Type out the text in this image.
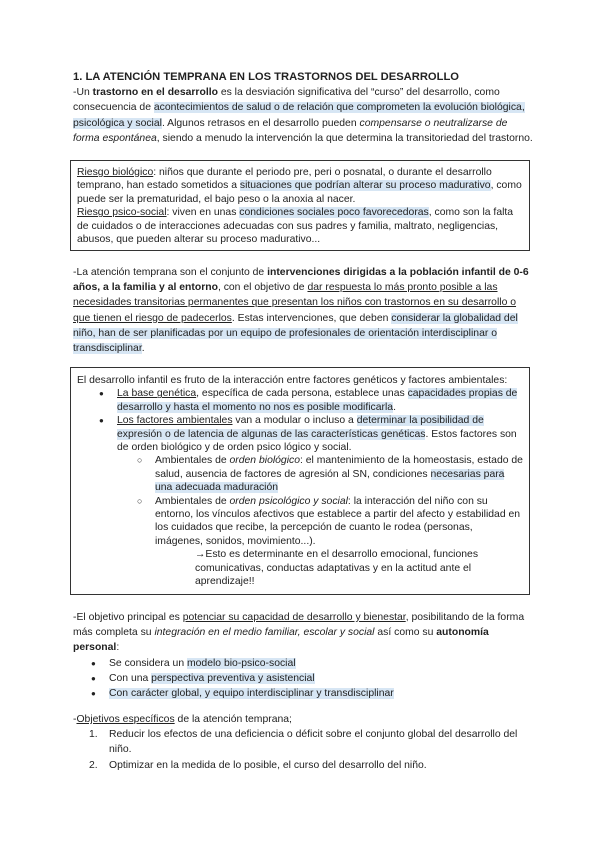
1. LA ATENCIÓN TEMPRANA EN LOS TRASTORNOS DEL DESARROLLO
-Un trastorno en el desarrollo es la desviación significativa del “curso” del desarrollo, como consecuencia de acontecimientos de salud o de relación que comprometen la evolución biológica, psicológica y social. Algunos retrasos en el desarrollo pueden compensarse o neutralizarse de forma espontánea, siendo a menudo la intervención la que determina la transitoriedad del trastorno.
Riesgo biológico: niños que durante el periodo pre, peri o posnatal, o durante el desarrollo temprano, han estado sometidos a situaciones que podrían alterar su proceso madurativo, como puede ser la prematuridad, el bajo peso o la anoxia al nacer.
Riesgo psico-social: viven en unas condiciones sociales poco favorecedoras, como son la falta de cuidados o de interacciones adecuadas con sus padres y familia, maltrato, negligencias, abusos, que pueden alterar su proceso madurativo...
-La atención temprana son el conjunto de intervenciones dirigidas a la población infantil de 0-6 años, a la familia y al entorno, con el objetivo de dar respuesta lo más pronto posible a las necesidades transitorias permanentes que presentan los niños con trastornos en su desarrollo o que tienen el riesgo de padecerlos. Estas intervenciones, que deben considerar la globalidad del niño, han de ser planificadas por un equipo de profesionales de orientación interdisciplinar o transdisciplinar.
El desarrollo infantil es fruto de la interacción entre factores genéticos y factores ambientales:
● La base genética, específica de cada persona, establece unas capacidades propias de desarrollo y hasta el momento no nos es posible modificarla.
● Los factores ambientales van a modular o incluso a determinar la posibilidad de expresión o de latencia de algunas de las características genéticas. Estos factores son de orden biológico y de orden psico lógico y social.
○ Ambientales de orden biológico: el mantenimiento de la homeostasis, estado de salud, ausencia de factores de agresión al SN, condiciones necesarias para una adecuada maduración
○ Ambientales de orden psicológico y social: la interacción del niño con su entorno, los vínculos afectivos que establece a partir del afecto y estabilidad en los cuidados que recibe, la percepción de cuanto le rodea (personas, imágenes, sonidos, movimiento...).
→Esto es determinante en el desarrollo emocional, funciones comunicativas, conductas adaptativas y en la actitud ante el aprendizaje!!
-El objetivo principal es potenciar su capacidad de desarrollo y bienestar, posibilitando de la forma más completa su integración en el medio familiar, escolar y social así como su autonomía personal:
● Se considera un modelo bio-psico-social
● Con una perspectiva preventiva y asistencial
● Con carácter global, y equipo interdisciplinar y transdisciplinar
-Objetivos específicos de la atención temprana;
1.	Reducir los efectos de una deficiencia o déficit sobre el conjunto global del desarrollo del niño.
2.	Optimizar en la medida de lo posible, el curso del desarrollo del niño.
